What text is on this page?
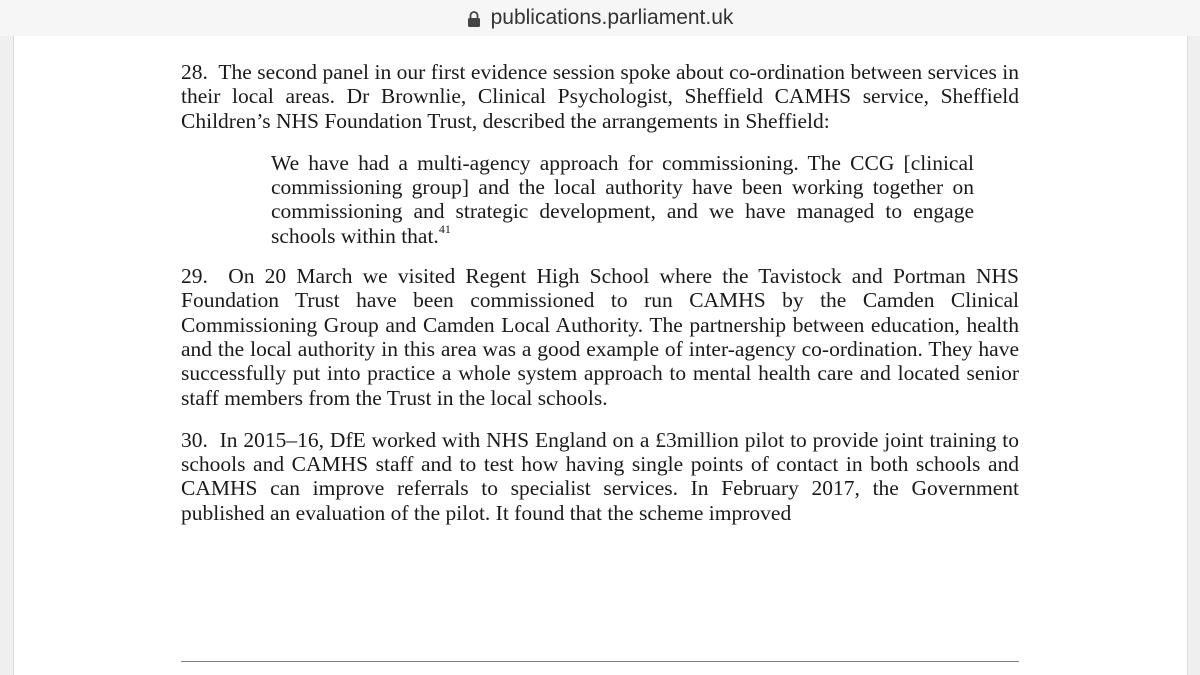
publications.parliament.uk

28. The second panel in our first evidence session spoke about co-ordination between services in their local areas. Dr Brownlie, Clinical Psychologist, Sheffield CAMHS service, Sheffield Children’s NHS Foundation Trust, described the arrangements in Sheffield:

We have had a multi-agency approach for commissioning. The CCG [clinical commissioning group] and the local authority have been working together on commissioning and strategic development, and we have managed to engage schools within that.$^{41}$

29. On 20 March we visited Regent High School where the Tavistock and Portman NHS Foundation Trust have been commissioned to run CAMHS by the Camden Clinical Commissioning Group and Camden Local Authority. The partnership between education, health and the local authority in this area was a good example of inter-agency co-ordination. They have successfully put into practice a whole system approach to mental health care and located senior staff members from the Trust in the local schools.

30. In 2015–16, DfE worked with NHS England on a £3million pilot to provide joint training to schools and CAMHS staff and to test how having single points of contact in both schools and CAMHS can improve referrals to specialist services. In February 2017, the Government published an evaluation of the pilot. It found that the scheme improved
